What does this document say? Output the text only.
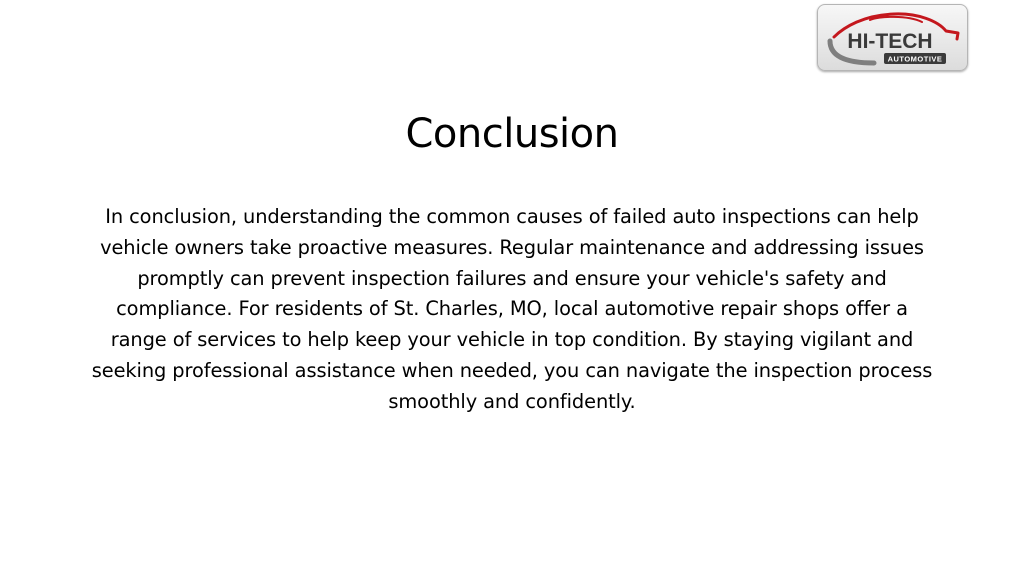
HI-TECH
AUTOMOTIVE
Conclusion
In conclusion, understanding the common causes of failed auto inspections can help vehicle owners take proactive measures. Regular maintenance and addressing issues promptly can prevent inspection failures and ensure your vehicle's safety and compliance. For residents of St. Charles, MO, local automotive repair shops offer a range of services to help keep your vehicle in top condition. By staying vigilant and seeking professional assistance when needed, you can navigate the inspection process smoothly and confidently.
